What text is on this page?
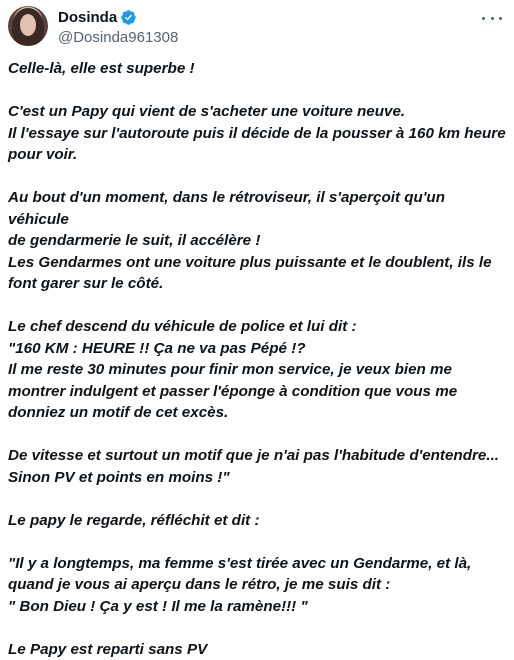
Dosinda
@Dosinda961308

Celle-là, elle est superbe !

C'est un Papy qui vient de s'acheter une voiture neuve.

Il l'essaye sur l'autoroute puis il décide de la pousser à 160 km heure

pour voir.

Au bout d'un moment, dans le rétroviseur, il s'aperçoit qu'un véhicule

de gendarmerie le suit, il accélère !

Les Gendarmes ont une voiture plus puissante et le doublent, ils le

font garer sur le côté.

Le chef descend du véhicule de police et lui dit :

"160 KM : HEURE !! Ça ne va pas Pépé !?

Il me reste 30 minutes pour finir mon service, je veux bien me

montrer indulgent et passer l'éponge à condition que vous me

donniez un motif de cet excès.

De vitesse et surtout un motif que je n'ai pas l'habitude d'entendre...

Sinon PV et points en moins !"

Le papy le regarde, réfléchit et dit :

"Il y a longtemps, ma femme s'est tirée avec un Gendarme, et là,

quand je vous ai aperçu dans le rétro, je me suis dit :

" Bon Dieu ! Ça y est ! Il me la ramène!!! "

Le Papy est reparti sans PV
